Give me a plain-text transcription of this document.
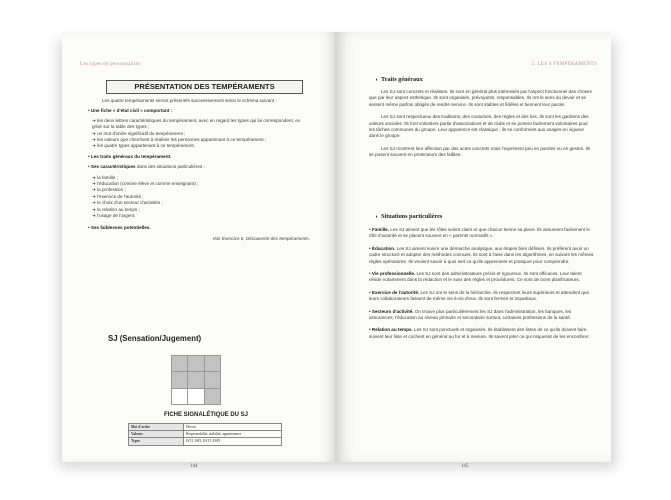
Les types de personnalités
PRÉSENTATION DES TEMPÉRAMENTS
Les quatre tempéraments seront présentés successivement selon le schéma suivant :
• Une fiche « d'état civil » comportant :
➜ les deux lettres caractéristiques du tempérament, avec en regard les types qui lui correspondent, en grisé sur la table des types ;
➜ un mot d'ordre significatif du tempérament ;
➜ les valeurs que cherchent à réaliser les personnes appartenant à ce tempérament ;
➜ les quatre types appartenant à ce tempérament.
• Les traits généraux du tempérament.
• Ses caractéristiques dans des situations particulières :
➜ la famille ;
➜ l'éducation (comme élève et comme enseignant) ;
➜ la profession ;
➜ l'exercice de l'autorité ;
➜ le choix d'un secteur d'activités ;
➜ la relation au temps ;
➜ l'usage de l'argent.
• Ses faiblesses potentielles.
Voir Exercice 6, Découverte des tempéraments.
SJ (Sensation/Jugement)
FICHE SIGNALÉTIQUE DU SJ
Mot d'ordre	Devoir
Valeurs	Responsabilité, stabilité, appartenance
Types	ISTJ, ISFJ, ESTJ, ESFJ
144
2. LES 4 TEMPÉRAMENTS
◗ Traits généraux
Les SJ sont concrets et réalistes. Ils sont en général plus intéressés par l'aspect fonctionnel des choses que par leur aspect esthétique. Ils sont organisés, prévoyants, responsables. Ils ont le sens du devoir et se sentent même parfois obligés de rendre service. Ils sont stables et fidèles et tiennent leur parole.
Les SJ sont respectueux des traditions, des coutumes, des règles et des lois. Ils sont les gardiens des valeurs sociales. Ils font volontiers partie d'associations et de clubs et se portent facilement volontaires pour les tâches communes du groupe. Leur apparence est classique ; ils se conforment aux usages en vigueur dans le groupe.
Les SJ montrent leur affection par des actes concrets mais l'expriment peu en paroles ou en gestes. Ils se posent souvent en protecteurs des faibles.
◗ Situations particulières
• Famille. Les SJ aiment que les rôles soient clairs et que chacun tienne sa place. Ils assument facilement le rôle d'autorité et se placent souvent en « parents normatifs ».
• Éducation. Les SJ aiment suivre une démarche analytique, aux étapes bien définies. Ils préfèrent avoir un cadre structuré et adopter des méthodes connues. Ils sont à l'aise dans les algorithmes, en suivant les mêmes règles opératoires. Ils veulent savoir à quoi sert ce qu'ils apprennent et pratiquer pour comprendre.
• Vie professionnelle. Les SJ sont des administrateurs précis et rigoureux. Ils sont efficaces. Leur talent réside notamment dans la rédaction et le suivi des règles et procédures. Ce sont de bons planificateurs.
• Exercice de l'autorité. Les SJ ont le sens de la hiérarchie. Ils respectent leurs supérieurs et attendent que leurs collaborateurs fassent de même vis-à-vis d'eux. Ils sont fermes et impartiaux.
• Secteurs d'activité. On trouve plus particulièrement les SJ dans l'administration, les banques, les assurances, l'éducation au niveau primaire et secondaire surtout, certaines professions de la santé.
• Relation au temps. Les SJ sont ponctuels et organisés. Ils établissent des listes de ce qu'ils doivent faire, suivent leur liste et cochent en général au fur et à mesure. Ils savent jeter ce qui risquerait de les encombrer.
145
